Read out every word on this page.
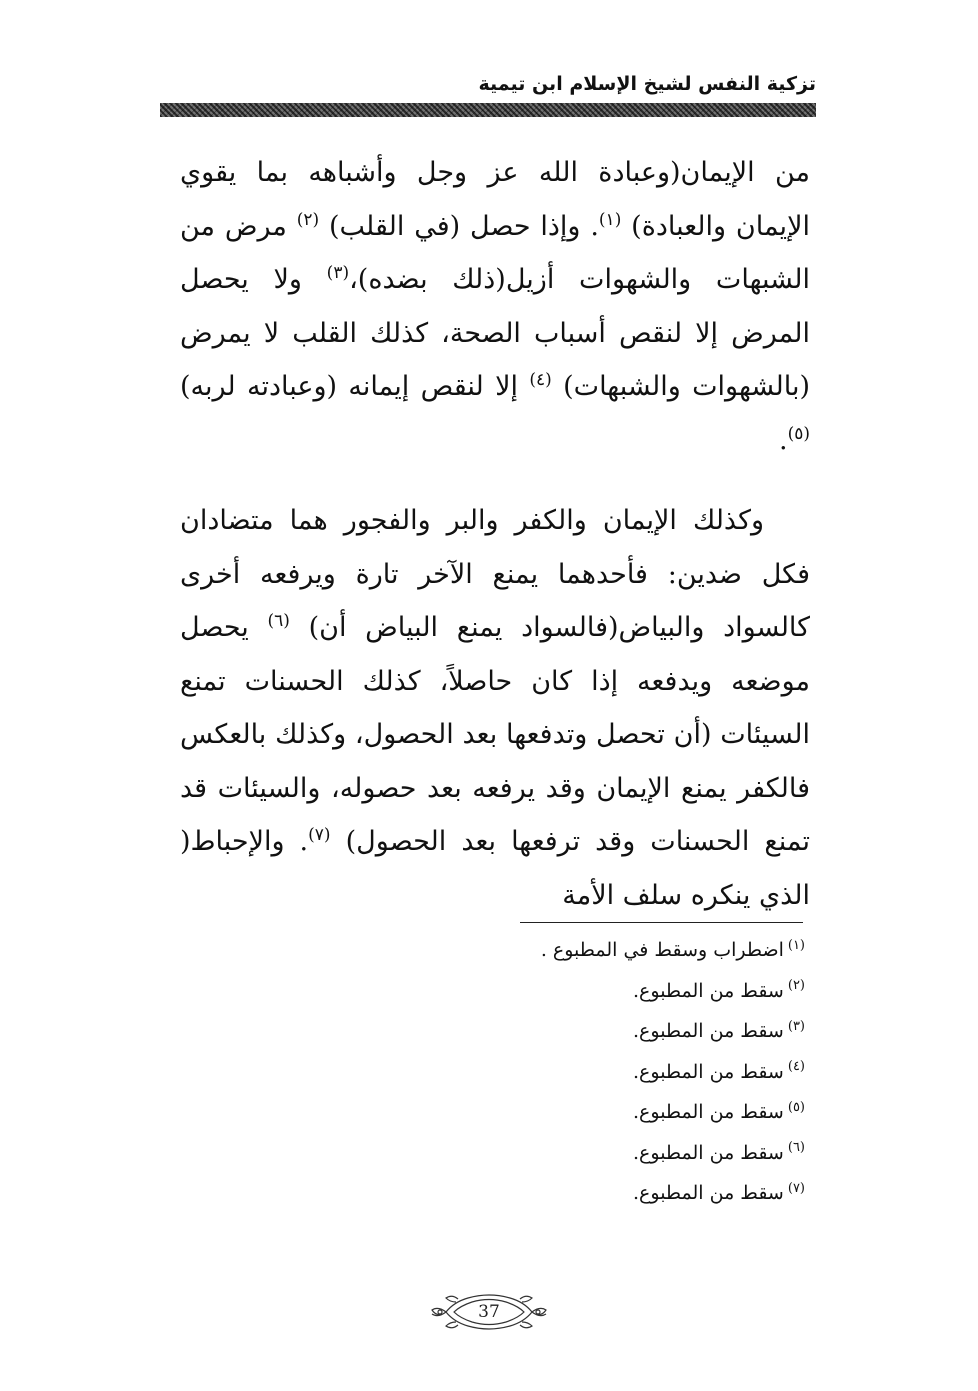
تزكية النفس لشيخ الإسلام ابن تيمية

من الإيمان(وعبادة الله عز وجل وأشباهه بما يقوي الإيمان والعبادة) $^{(١)}$. وإذا حصل (في القلب) $^{(٢)}$ مرض من الشبهات والشهوات أزيل(ذلك بضده)،$^{(٣)}$ ولا يحصل المرض إلا لنقص أسباب الصحة، كذلك القلب لا يمرض (بالشهوات والشبهات) $^{(٤)}$ إلا لنقص إيمانه (وعبادته لربه) $^{(٥)}$.

وكذلك الإيمان والكفر والبر والفجور هما متضادان فكل ضدين: فأحدهما يمنع الآخر تارة ويرفعه أخرى كالسواد والبياض(فالسواد يمنع البياض أن) $^{(٦)}$ يحصل موضعه ويدفعه إذا كان حاصلاً، كذلك الحسنات تمنع السيئات (أن تحصل وتدفعها بعد الحصول، وكذلك بالعكس فالكفر يمنع الإيمان وقد يرفعه بعد حصوله، والسيئات قد تمنع الحسنات وقد ترفعها بعد الحصول) $^{(٧)}$. والإحباط( الذي ينكره سلف الأمة

$^{(١)}$اضطراب وسقط في المطبوع .
$^{(٢)}$سقط من المطبوع.
$^{(٣)}$سقط من المطبوع.
$^{(٤)}$سقط من المطبوع.
$^{(٥)}$سقط من المطبوع.
$^{(٦)}$سقط من المطبوع.
$^{(٧)}$سقط من المطبوع.
37
